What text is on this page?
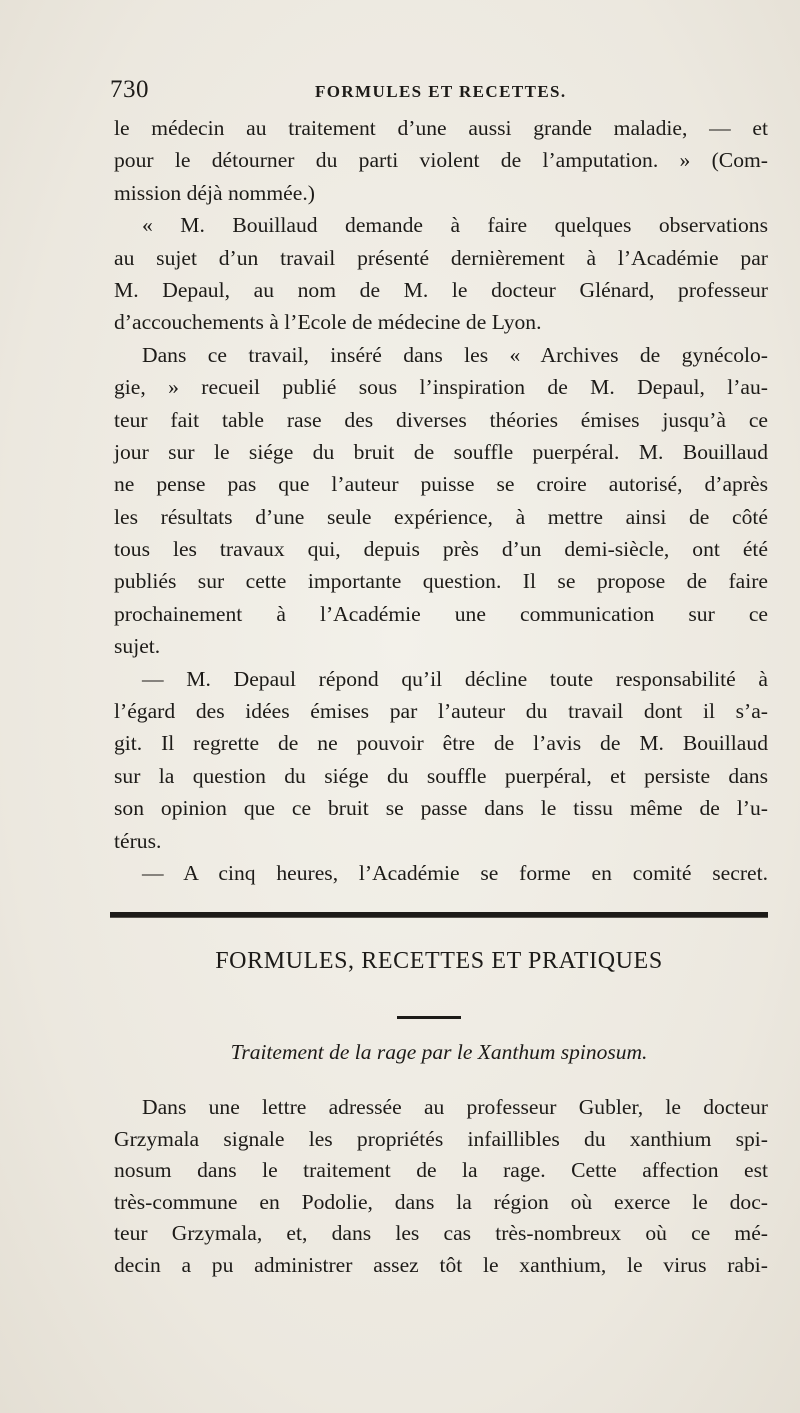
730	FORMULES ET RECETTES.
le médecin au traitement d’une aussi grande maladie, — et
pour le détourner du parti violent de l’amputation. » (Com-
mission déjà nommée.)
« M. Bouillaud demande à faire quelques observations
au sujet d’un travail présenté dernièrement à l’Académie par
M. Depaul, au nom de M. le docteur Glénard, professeur
d’accouchements à l’Ecole de médecine de Lyon.
Dans ce travail, inséré dans les « Archives de gynécolo-
gie, » recueil publié sous l’inspiration de M. Depaul, l’au-
teur fait table rase des diverses théories émises jusqu’à ce
jour sur le siége du bruit de souffle puerpéral. M. Bouillaud
ne pense pas que l’auteur puisse se croire autorisé, d’après
les résultats d’une seule expérience, à mettre ainsi de côté
tous les travaux qui, depuis près d’un demi-siècle, ont été
publiés sur cette importante question. Il se propose de faire
prochainement à l’Académie une communication sur ce
sujet.
— M. Depaul répond qu’il décline toute responsabilité à
l’égard des idées émises par l’auteur du travail dont il s’a-
git. Il regrette de ne pouvoir être de l’avis de M. Bouillaud
sur la question du siége du souffle puerpéral, et persiste dans
son opinion que ce bruit se passe dans le tissu même de l’u-
térus.
— A cinq heures, l’Académie se forme en comité secret.
FORMULES, RECETTES ET PRATIQUES
Traitement de la rage par le Xanthum spinosum.
Dans une lettre adressée au professeur Gubler, le docteur
Grzymala signale les propriétés infaillibles du xanthium spi-
nosum dans le traitement de la rage. Cette affection est
très-commune en Podolie, dans la région où exerce le doc-
teur Grzymala, et, dans les cas très-nombreux où ce mé-
decin a pu administrer assez tôt le xanthium, le virus rabi-
